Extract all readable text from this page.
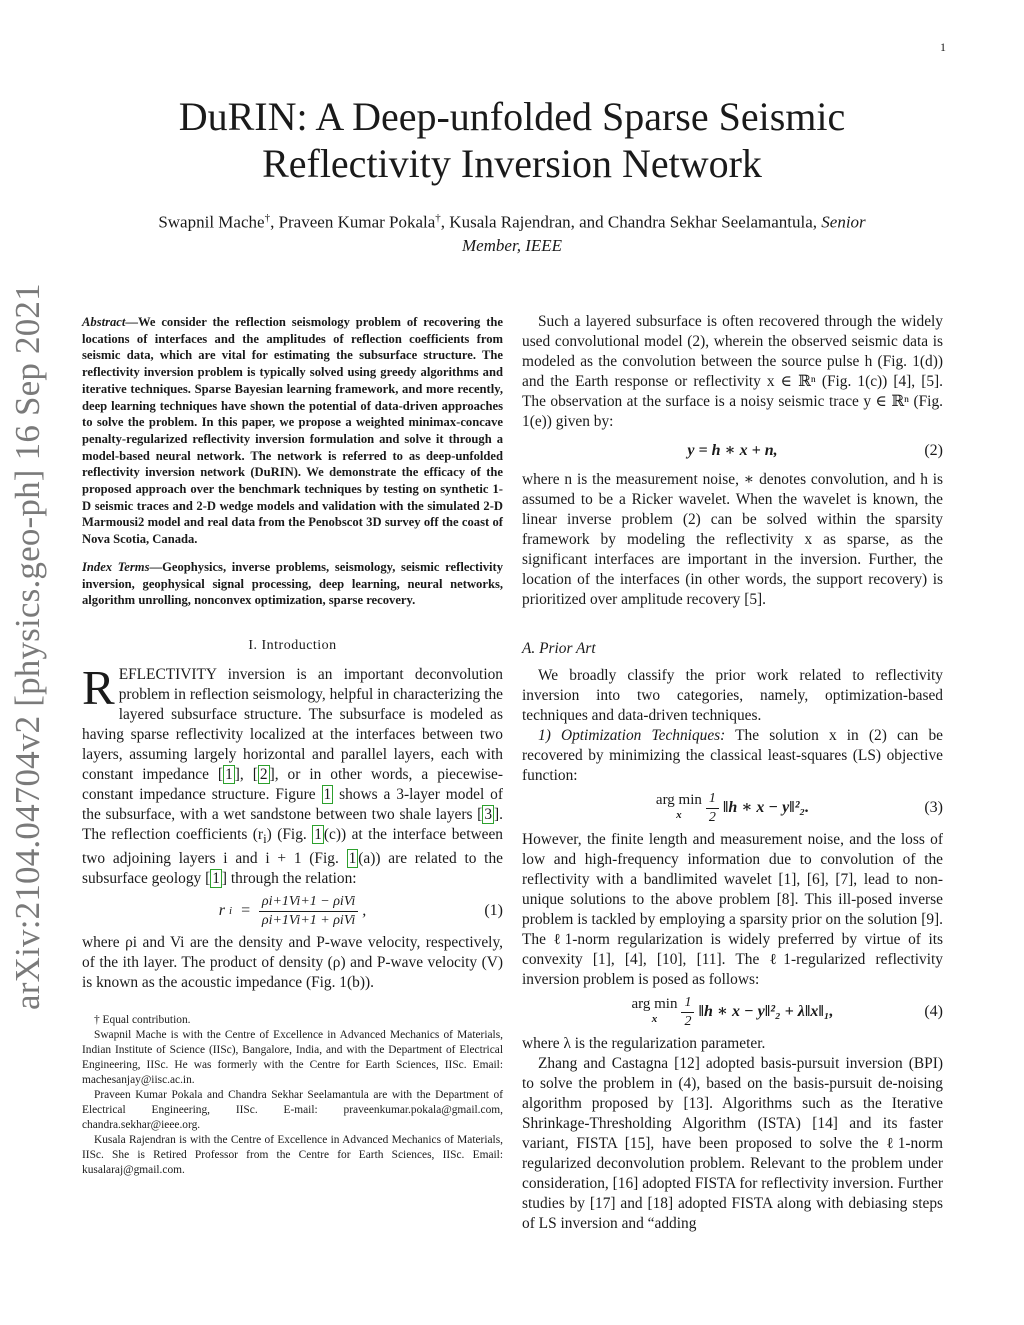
1
arXiv:2104.04704v2 [physics.geo-ph] 16 Sep 2021
DuRIN: A Deep-unfolded Sparse Seismic
Reflectivity Inversion Network
Swapnil Mache†, Praveen Kumar Pokala†, Kusala Rajendran, and Chandra Sekhar Seelamantula, Senior
Member, IEEE
Abstract—We consider the reflection seismology problem of recovering the locations of interfaces and the amplitudes of reflection coefficients from seismic data, which are vital for estimating the subsurface structure. The reflectivity inversion problem is typically solved using greedy algorithms and iterative techniques. Sparse Bayesian learning framework, and more recently, deep learning techniques have shown the potential of data-driven approaches to solve the problem. In this paper, we propose a weighted minimax-concave penalty-regularized reflectivity inversion formulation and solve it through a model-based neural network. The network is referred to as deep-unfolded reflectivity inversion network (DuRIN). We demonstrate the efficacy of the proposed approach over the benchmark techniques by testing on synthetic 1-D seismic traces and 2-D wedge models and validation with the simulated 2-D Marmousi2 model and real data from the Penobscot 3D survey off the coast of Nova Scotia, Canada.
Index Terms—Geophysics, inverse problems, seismology, seismic reflectivity inversion, geophysical signal processing, deep learning, neural networks, algorithm unrolling, nonconvex optimization, sparse recovery.
I. Introduction
REFLECTIVITY inversion is an important deconvolution problem in reflection seismology, helpful in characterizing the layered subsurface structure. The subsurface is modeled as having sparse reflectivity localized at the interfaces between two layers, assuming largely horizontal and parallel layers, each with constant impedance [ 1 ], [ 2 ], or in other words, a piecewise-constant impedance structure. Figure 1 shows a 3-layer model of the subsurface, with a wet sandstone between two shale layers [ 3 ]. The reflection coefficients $(r_i)$ (Fig. 1 (c)) at the interface between two adjoining layers i and i + 1 (Fig. 1 (a)) are related to the subsurface geology [ 1 ] through the relation:
r $i = \frac{\text{ρi+1Vi+1 − ρiVi}}{\text{ρi+1Vi+1 + ρiVi}}$ ,	(1)
where ρi and Vi are the density and P-wave velocity, respectively, of the ith layer. The product of density (ρ) and P-wave velocity (V) is known as the acoustic impedance (Fig. 1(b)).

† Equal contribution.

Swapnil Mache is with the Centre of Excellence in Advanced Mechanics of Materials, Indian Institute of Science (IISc), Bangalore, India, and with the Department of Electrical Engineering, IISc. He was formerly with the Centre for Earth Sciences, IISc. Email: machesanjay@iisc.ac.in.

Praveen Kumar Pokala and Chandra Sekhar Seelamantula are with the Department of Electrical Engineering, IISc. E-mail: praveenkumar.pokala@gmail.com, chandra.sekhar@ieee.org.

Kusala Rajendran is with the Centre of Excellence in Advanced Mechanics of Materials, IISc. She is Retired Professor from the Centre for Earth Sciences, IISc. Email: kusalaraj@gmail.com.

Such a layered subsurface is often recovered through the widely used convolutional model (2), wherein the observed seismic data is modeled as the convolution between the source pulse h (Fig. 1(d)) and the Earth response or reflectivity x ∈ ℝⁿ (Fig. 1(c)) [4], [5]. The observation at the surface is a noisy seismic trace y ∈ ℝⁿ (Fig. 1(e)) given by:
y = h ∗ x + n,	(2)
where n is the measurement noise, ∗ denotes convolution, and h is assumed to be a Ricker wavelet. When the wavelet is known, the linear inverse problem (2) can be solved within the sparsity framework by modeling the reflectivity x as sparse, as the significant interfaces are important in the inversion. Further, the location of the interfaces (in other words, the support recovery) is prioritized over amplitude recovery [5].
A. Prior Art
We broadly classify the prior work related to reflectivity inversion into two categories, namely, optimization-based techniques and data-driven techniques.
1) Optimization Techniques: The solution x in (2) can be recovered by minimizing the classical least-squares (LS) objective function:
arg min
x $\frac{1}{2}$ ‖h ∗ x − y‖²₂.	(3)
However, the finite length and measurement noise, and the loss of low and high-frequency information due to convolution of the reflectivity with a bandlimited wavelet [1], [6], [7], lead to non-unique solutions to the above problem [8]. This ill-posed inverse problem is tackled by employing a sparsity prior on the solution [9]. The ℓ1-norm regularization is widely preferred by virtue of its convexity [1], [4], [10], [11]. The ℓ1-regularized reflectivity inversion problem is posed as follows:
arg min
x $\frac{1}{2}$ ‖h ∗ x − y‖²₂ + λ‖x‖₁,	(4)
where λ is the regularization parameter.
Zhang and Castagna [12] adopted basis-pursuit inversion (BPI) to solve the problem in (4), based on the basis-pursuit de-noising algorithm proposed by [13]. Algorithms such as the Iterative Shrinkage-Thresholding Algorithm (ISTA) [14] and its faster variant, FISTA [15], have been proposed to solve the ℓ1-norm regularized deconvolution problem. Relevant to the problem under consideration, [16] adopted FISTA for reflectivity inversion. Further studies by [17] and [18] adopted FISTA along with debiasing steps of LS inversion and “adding
